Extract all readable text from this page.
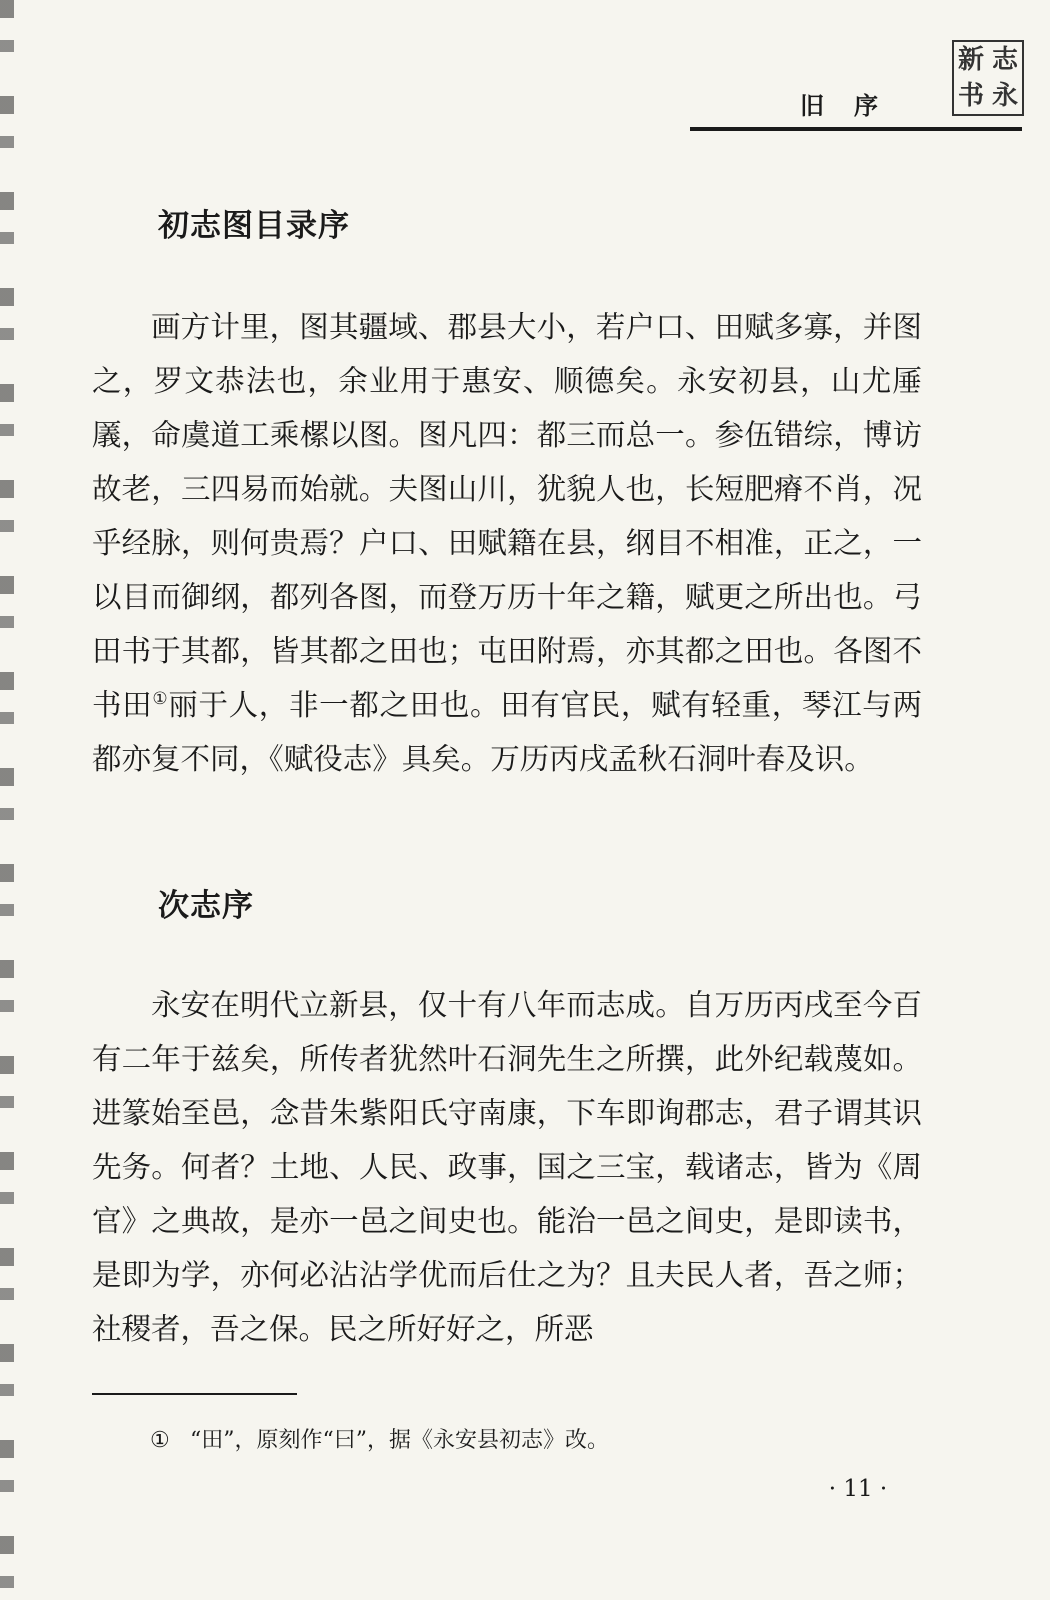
旧序
新 志
书 永
初志图目录序

画方计里，图其疆域、郡县大小，若户口、田赋多寡，并图之，罗文恭法也，余业用于惠安、顺德矣。永安初县，山尤厜㕒，命虞道工乘樏以图。图凡四：都三而总一。参伍错综，博访故老，三四易而始就。夫图山川，犹貌人也，长短肥瘠不肖，况乎经脉，则何贵焉？户口、田赋籍在县，纲目不相准，正之，一以目而御纲，都列各图，而登万历十年之籍，赋更之所出也。弓田书于其都，皆其都之田也；屯田附焉，亦其都之田也。各图不书田①丽于人，非一都之田也。田有官民，赋有轻重，琴江与两都亦复不同，《赋役志》具矣。万历丙戌孟秋石洞叶春及识。

次志序

永安在明代立新县，仅十有八年而志成。自万历丙戌至今百有二年于兹矣，所传者犹然叶石洞先生之所撰，此外纪载蔑如。进篆始至邑，念昔朱紫阳氏守南康，下车即询郡志，君子谓其识先务。何者？土地、人民、政事，国之三宝，载诸志，皆为《周官》之典故，是亦一邑之间史也。能治一邑之间史，是即读书，是即为学，亦何必沾沾学优而后仕之为？且夫民人者，吾之师；社稷者，吾之保。民之所好好之，所恶

① “田”，原刻作“曰”，据《永安县初志》改。
· 11 ·
